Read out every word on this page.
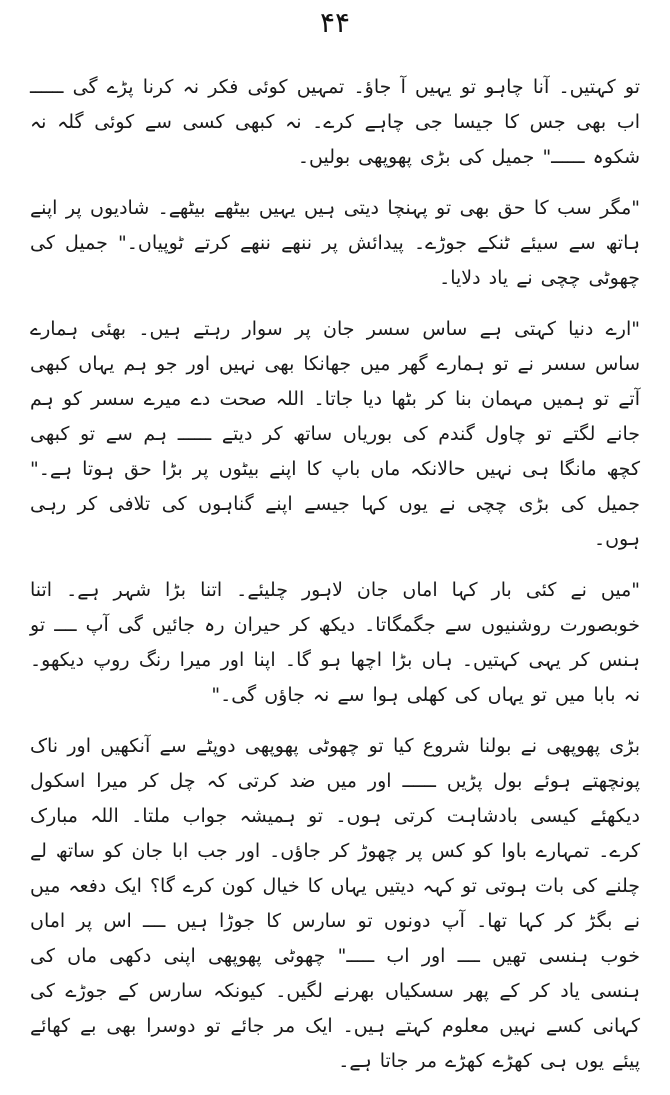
۴۴

تو کہتیں۔ آنا چاہو تو یہیں آ جاؤ۔ تمہیں کوئی فکر نہ کرنا پڑے گی ــــــ اب بھی جس کا جیسا جی چاہے کرے۔ نہ کبھی کسی سے کوئی گلہ نہ شکوہ ــــــ" جمیل کی بڑی پھوپھی بولیں۔

"مگر سب کا حق بھی تو پہنچا دیتی ہیں یہیں بیٹھے بیٹھے۔ شادیوں پر اپنے ہاتھ سے سیئے ٹنکے جوڑے۔ پیدائش پر ننھے ننھے کرتے ٹوپیاں۔" جمیل کی چھوٹی چچی نے یاد دلایا۔

"ارے دنیا کہتی ہے ساس سسر جان پر سوار رہتے ہیں۔ بھئی ہمارے ساس سسر نے تو ہمارے گھر میں جھانکا بھی نہیں اور جو ہم یہاں کبھی آتے تو ہمیں مہمان بنا کر بٹھا دیا جاتا۔ اللہ صحت دے میرے سسر کو ہم جانے لگتے تو چاول گندم کی بوریاں ساتھ کر دیتے ــــــ ہم سے تو کبھی کچھ مانگا ہی نہیں حالانکہ ماں باپ کا اپنے بیٹوں پر بڑا حق ہوتا ہے۔" جمیل کی بڑی چچی نے یوں کہا جیسے اپنے گناہوں کی تلافی کر رہی ہوں۔

"میں نے کئی بار کہا اماں جان لاہور چلیئے۔ اتنا بڑا شہر ہے۔ اتنا خوبصورت روشنیوں سے جگمگاتا۔ دیکھ کر حیران رہ جائیں گی آپ ــــ تو ہنس کر یہی کہتیں۔ ہاں بڑا اچھا ہو گا۔ اپنا اور میرا رنگ روپ دیکھو۔ نہ بابا میں تو یہاں کی کھلی ہوا سے نہ جاؤں گی۔"

بڑی پھوپھی نے بولنا شروع کیا تو چھوٹی پھوپھی دوپٹے سے آنکھیں اور ناک پونچھتے ہوئے بول پڑیں ــــــ اور میں ضد کرتی کہ چل کر میرا اسکول دیکھئے کیسی بادشاہت کرتی ہوں۔ تو ہمیشہ جواب ملتا۔ اللہ مبارک کرے۔ تمہارے باوا کو کس پر چھوڑ کر جاؤں۔ اور جب ابا جان کو ساتھ لے چلنے کی بات ہوتی تو کہہ دیتیں یہاں کا خیال کون کرے گا؟ ایک دفعہ میں نے بگڑ کر کہا تھا۔ آپ دونوں تو سارس کا جوڑا ہیں ــــ اس پر اماں خوب ہنسی تھیں ــــ اور اب ـــــ" چھوٹی پھوپھی اپنی دکھی ماں کی ہنسی یاد کر کے پھر سسکیاں بھرنے لگیں۔ کیونکہ سارس کے جوڑے کی کہانی کسے نہیں معلوم کہتے ہیں۔ ایک مر جائے تو دوسرا بھی بے کھائے پیئے یوں ہی کھڑے کھڑے مر جاتا ہے۔
